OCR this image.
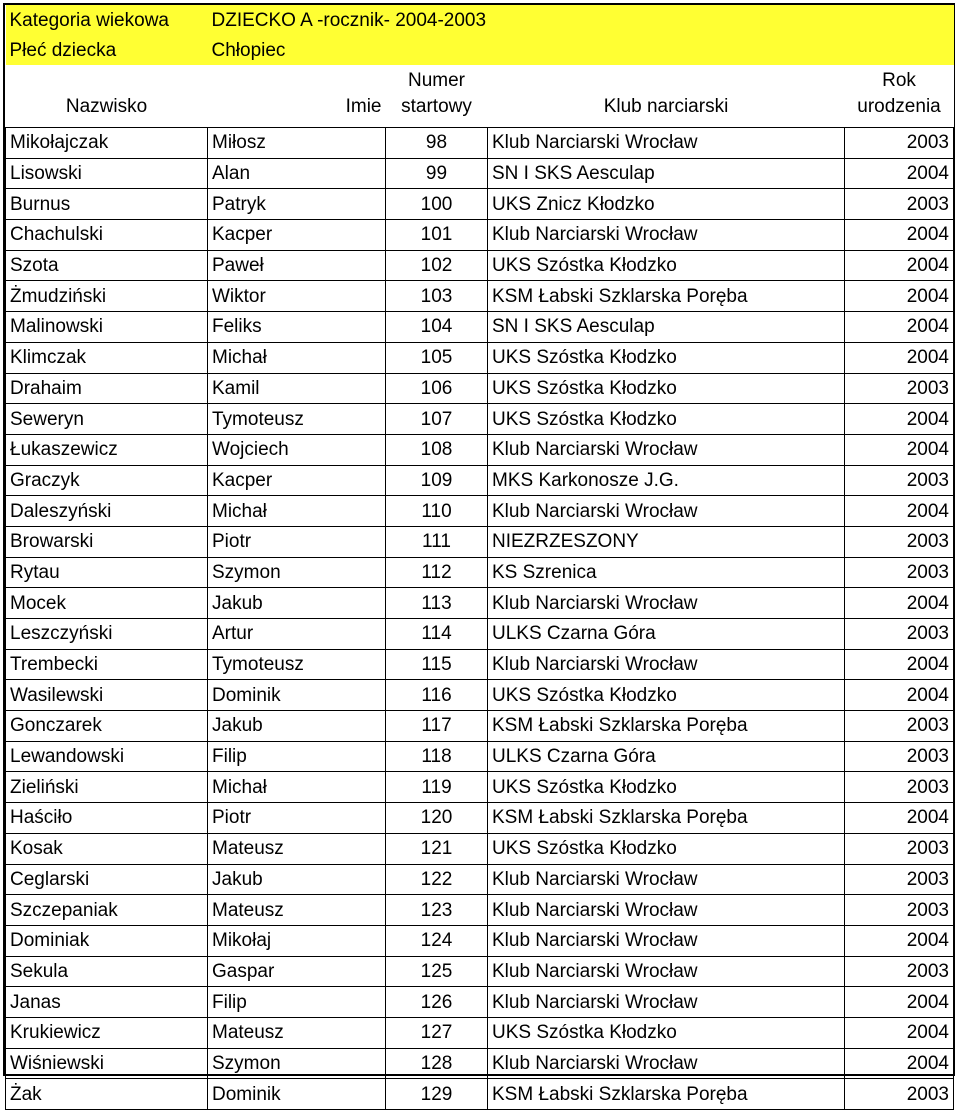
Kategoria wiekowa	DZIECKO A -rocznik- 2004-2003			
Płeć dziecka	Chłopiec			
		Numer		Rok
Nazwisko	Imie	startowy	Klub narciarski	urodzenia
Mikołajczak	Miłosz	98	Klub Narciarski Wrocław	2003
Lisowski	Alan	99	SN I SKS Aesculap	2004
Burnus	Patryk	100	UKS Znicz Kłodzko	2003
Chachulski	Kacper	101	Klub Narciarski Wrocław	2004
Szota	Paweł	102	UKS Szóstka Kłodzko	2004
Żmudziński	Wiktor	103	KSM Łabski Szklarska Poręba	2004
Malinowski	Feliks	104	SN I SKS Aesculap	2004
Klimczak	Michał	105	UKS Szóstka Kłodzko	2004
Drahaim	Kamil	106	UKS Szóstka Kłodzko	2003
Seweryn	Tymoteusz	107	UKS Szóstka Kłodzko	2004
Łukaszewicz	Wojciech	108	Klub Narciarski Wrocław	2004
Graczyk	Kacper	109	MKS Karkonosze J.G.	2003
Daleszyński	Michał	110	Klub Narciarski Wrocław	2004
Browarski	Piotr	111	NIEZRZESZONY	2003
Rytau	Szymon	112	KS Szrenica	2003
Mocek	Jakub	113	Klub Narciarski Wrocław	2004
Leszczyński	Artur	114	ULKS Czarna Góra	2003
Trembecki	Tymoteusz	115	Klub Narciarski Wrocław	2004
Wasilewski	Dominik	116	UKS Szóstka Kłodzko	2004
Gonczarek	Jakub	117	KSM Łabski Szklarska Poręba	2003
Lewandowski	Filip	118	ULKS Czarna Góra	2003
Zieliński	Michał	119	UKS Szóstka Kłodzko	2003
Haściło	Piotr	120	KSM Łabski Szklarska Poręba	2004
Kosak	Mateusz	121	UKS Szóstka Kłodzko	2003
Ceglarski	Jakub	122	Klub Narciarski Wrocław	2003
Szczepaniak	Mateusz	123	Klub Narciarski Wrocław	2003
Dominiak	Mikołaj	124	Klub Narciarski Wrocław	2004
Sekula	Gaspar	125	Klub Narciarski Wrocław	2003
Janas	Filip	126	Klub Narciarski Wrocław	2004
Krukiewicz	Mateusz	127	UKS Szóstka Kłodzko	2004
Wiśniewski	Szymon	128	Klub Narciarski Wrocław	2004
Żak	Dominik	129	KSM Łabski Szklarska Poręba	2003
